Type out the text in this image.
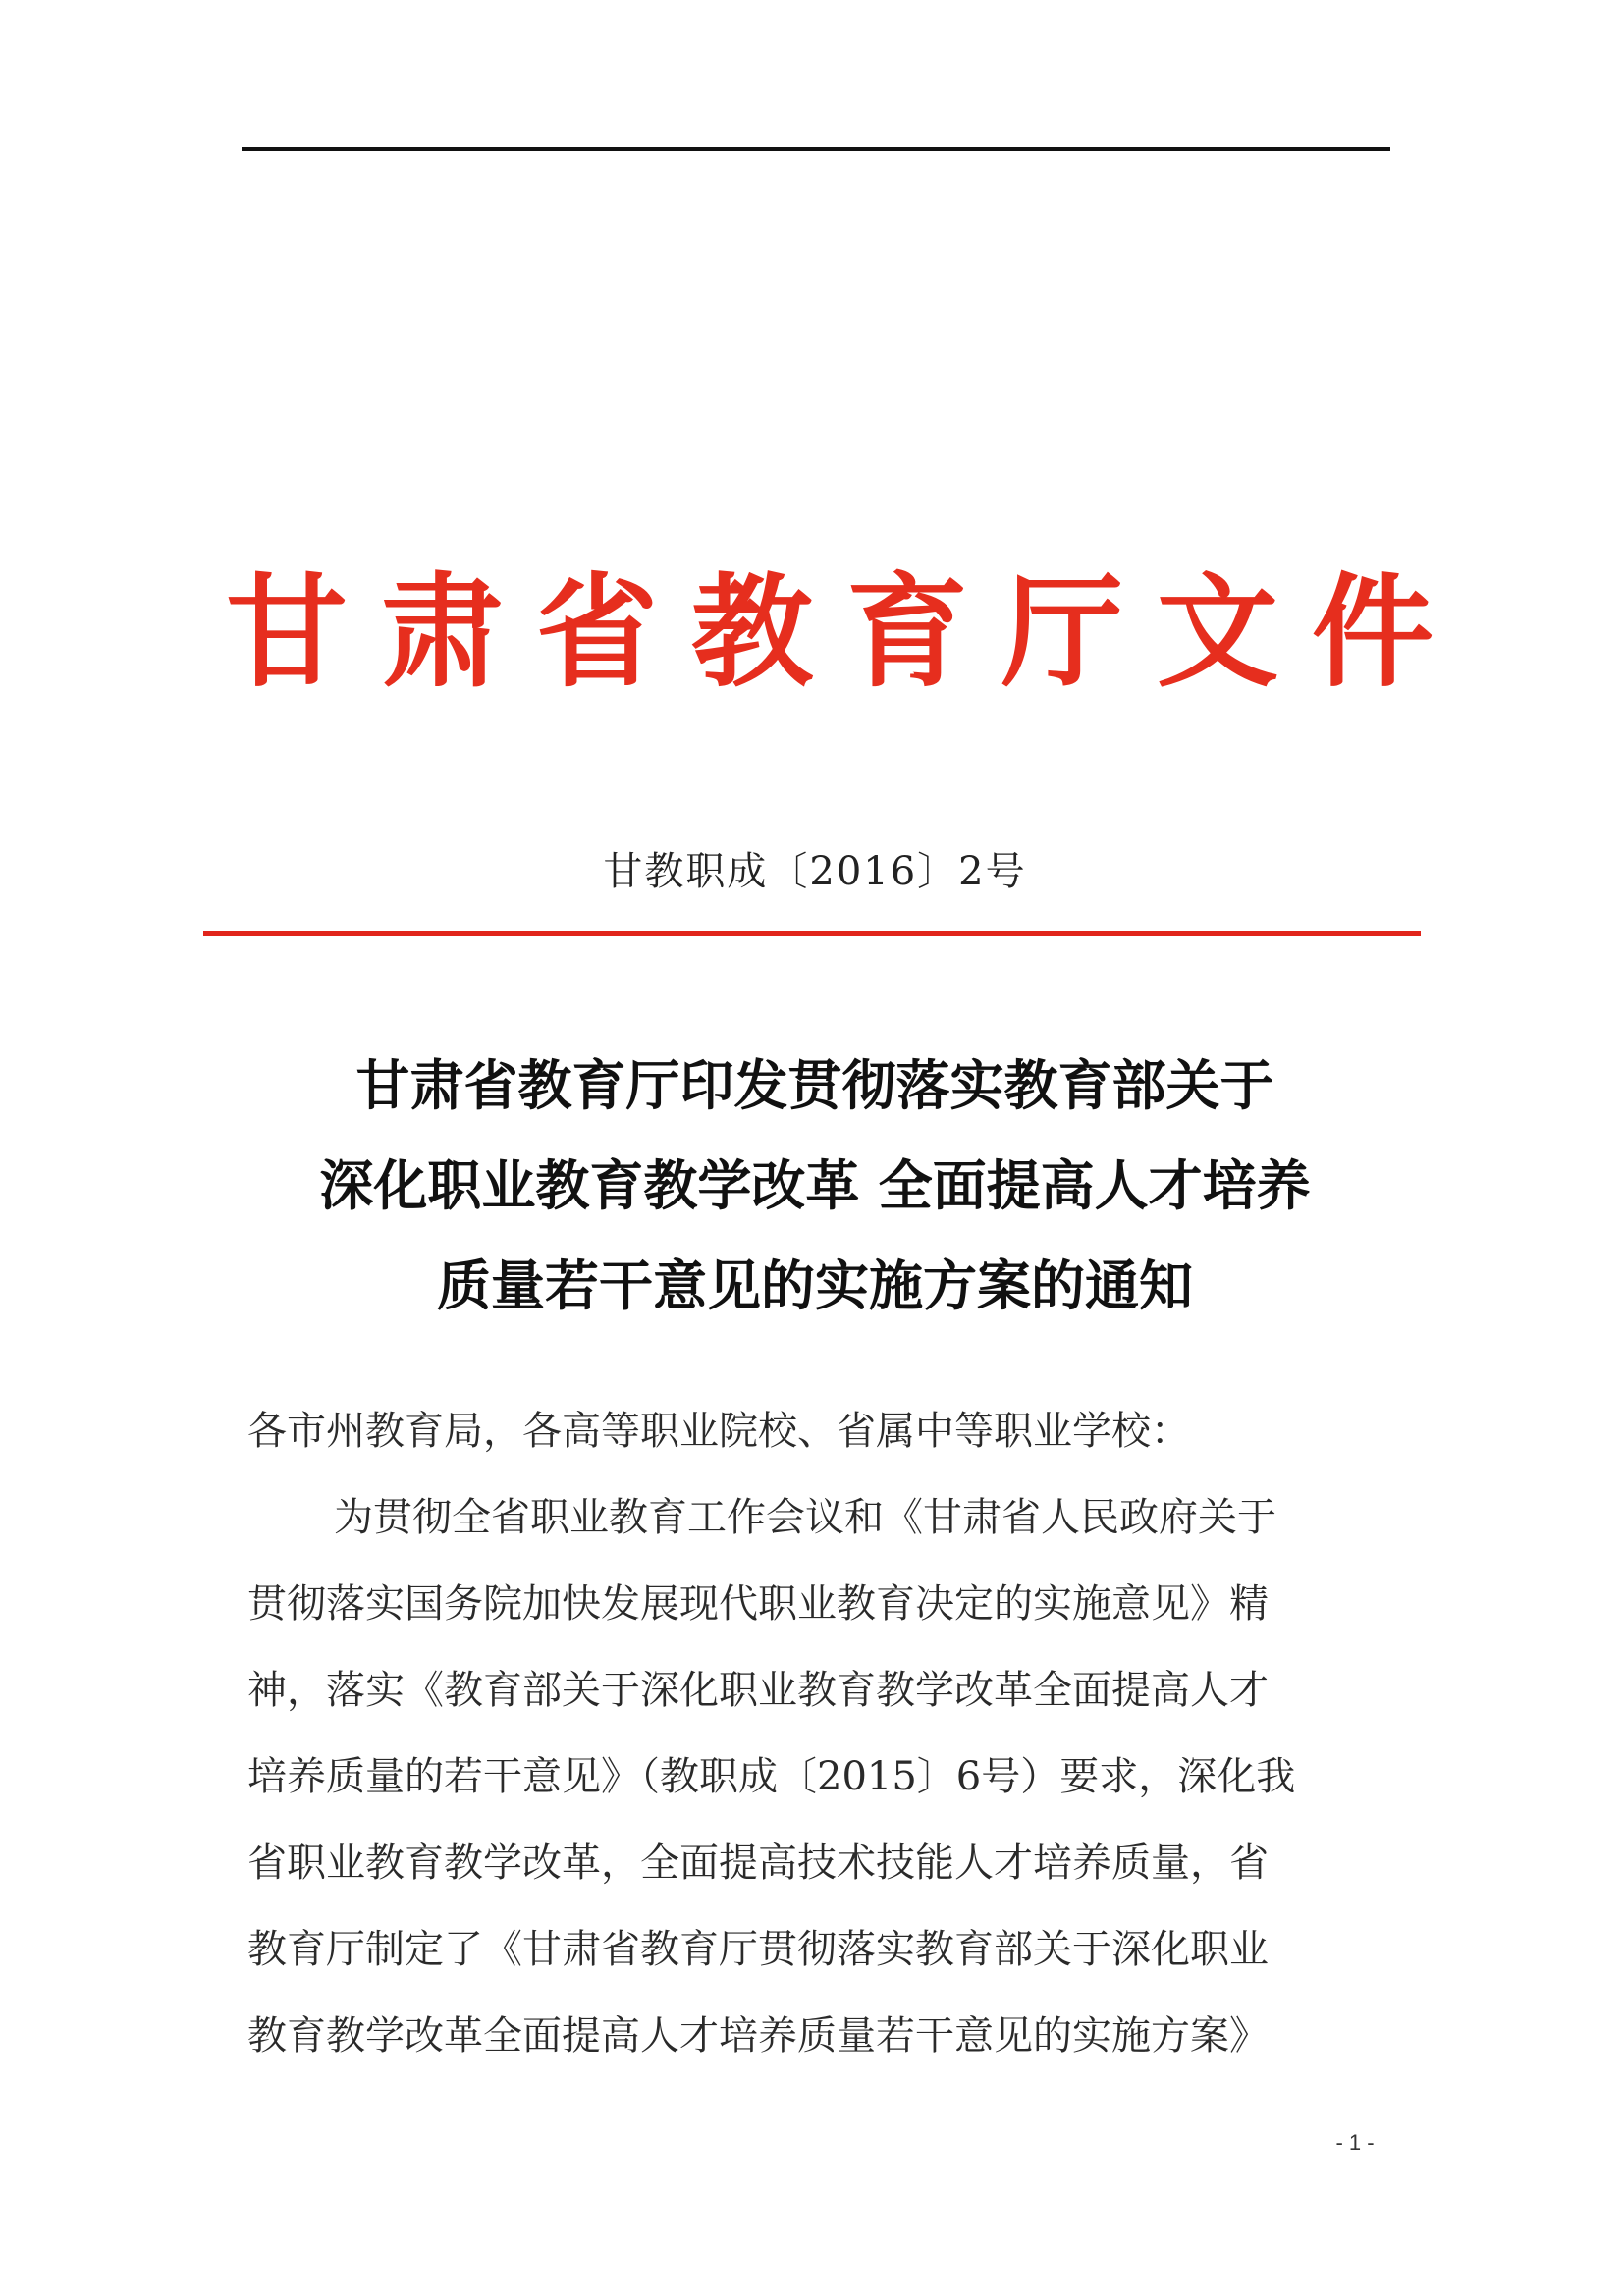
甘肃省教育厅文件
甘教职成〔2016〕2号
甘肃省教育厅印发贯彻落实教育部关于
深化职业教育教学改革 全面提高人才培养
质量若干意见的实施方案的通知
各市州教育局，各高等职业院校、省属中等职业学校：
为贯彻全省职业教育工作会议和《甘肃省人民政府关于
贯彻落实国务院加快发展现代职业教育决定的实施意见》精
神，落实《教育部关于深化职业教育教学改革全面提高人才
培养质量的若干意见》（教职成〔2015〕6号）要求，深化我
省职业教育教学改革，全面提高技术技能人才培养质量，省
教育厅制定了《甘肃省教育厅贯彻落实教育部关于深化职业
教育教学改革全面提高人才培养质量若干意见的实施方案》
- 1 -
